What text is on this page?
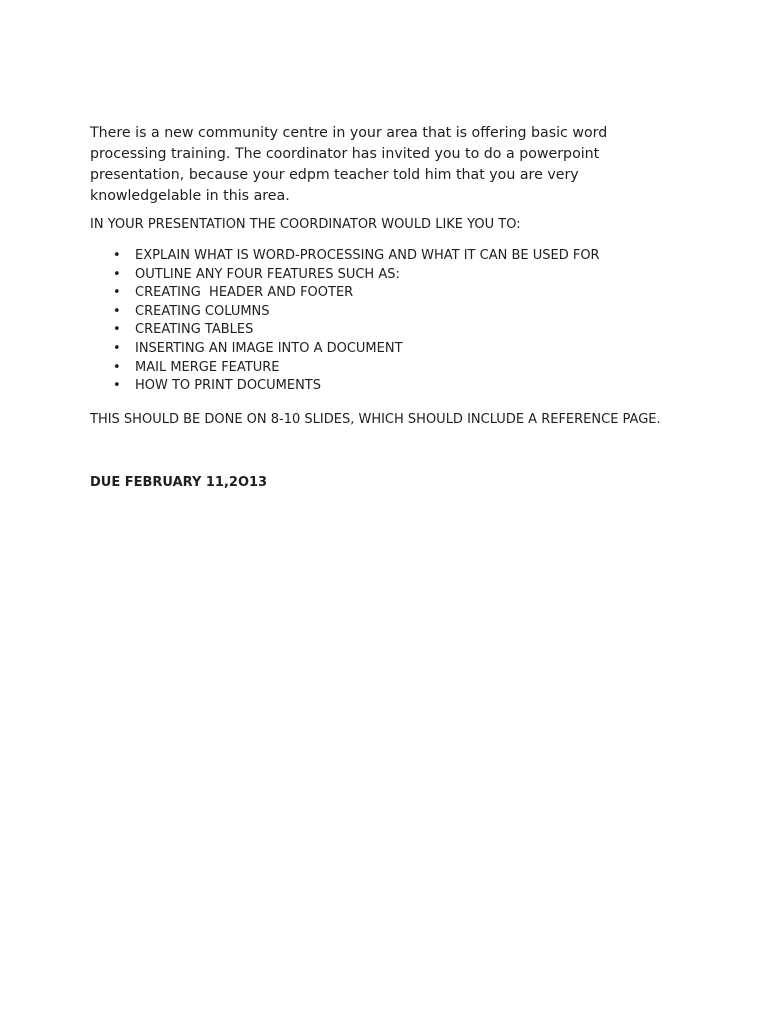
There is a new community centre in your area that is offering basic word processing training. The coordinator has invited you to do a powerpoint presentation, because your edpm teacher told him that you are very knowledgelable in this area.

IN YOUR PRESENTATION THE COORDINATOR WOULD LIKE YOU TO:

• EXPLAIN WHAT IS WORD-PROCESSING AND WHAT IT CAN BE USED FOR
• OUTLINE ANY FOUR FEATURES SUCH AS:
• CREATING  HEADER AND FOOTER
• CREATING COLUMNS
• CREATING TABLES
• INSERTING AN IMAGE INTO A DOCUMENT
• MAIL MERGE FEATURE
• HOW TO PRINT DOCUMENTS

THIS SHOULD BE DONE ON 8-10 SLIDES, WHICH SHOULD INCLUDE A REFERENCE PAGE.

DUE FEBRUARY 11,2O13
